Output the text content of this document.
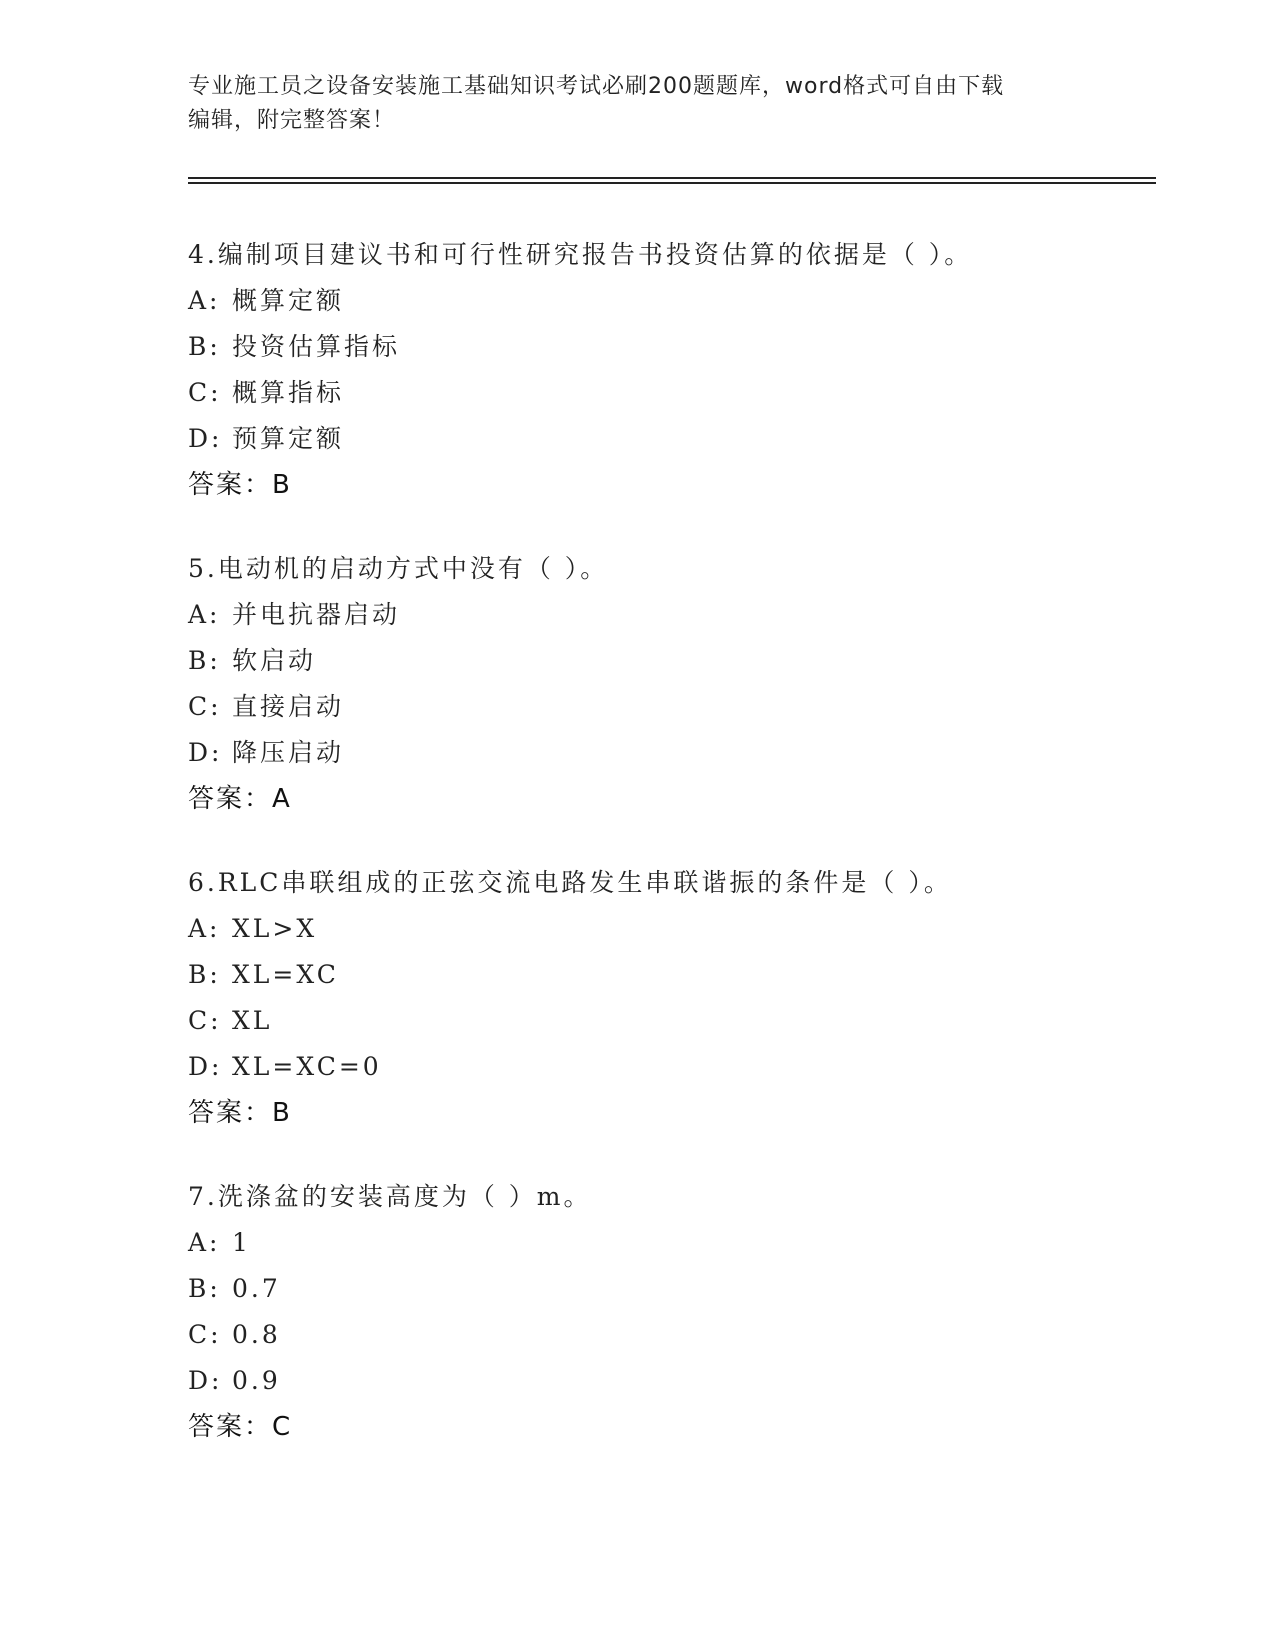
专业施工员之设备安装施工基础知识考试必刷200题题库，word格式可自由下载
编辑，附完整答案！
4.编制项目建议书和可行性研究报告书投资估算的依据是（ ）。
A: 概算定额
B: 投资估算指标
C: 概算指标
D: 预算定额
答案：B
5.电动机的启动方式中没有（ ）。
A: 并电抗器启动
B: 软启动
C: 直接启动
D: 降压启动
答案：A
6.RLC串联组成的正弦交流电路发生串联谐振的条件是（ ）。
A: XL>X
B: XL=XC
C: XL
D: XL=XC=0
答案：B
7.洗涤盆的安装高度为（ ）m。
A: 1
B: 0.7
C: 0.8
D: 0.9
答案：C
